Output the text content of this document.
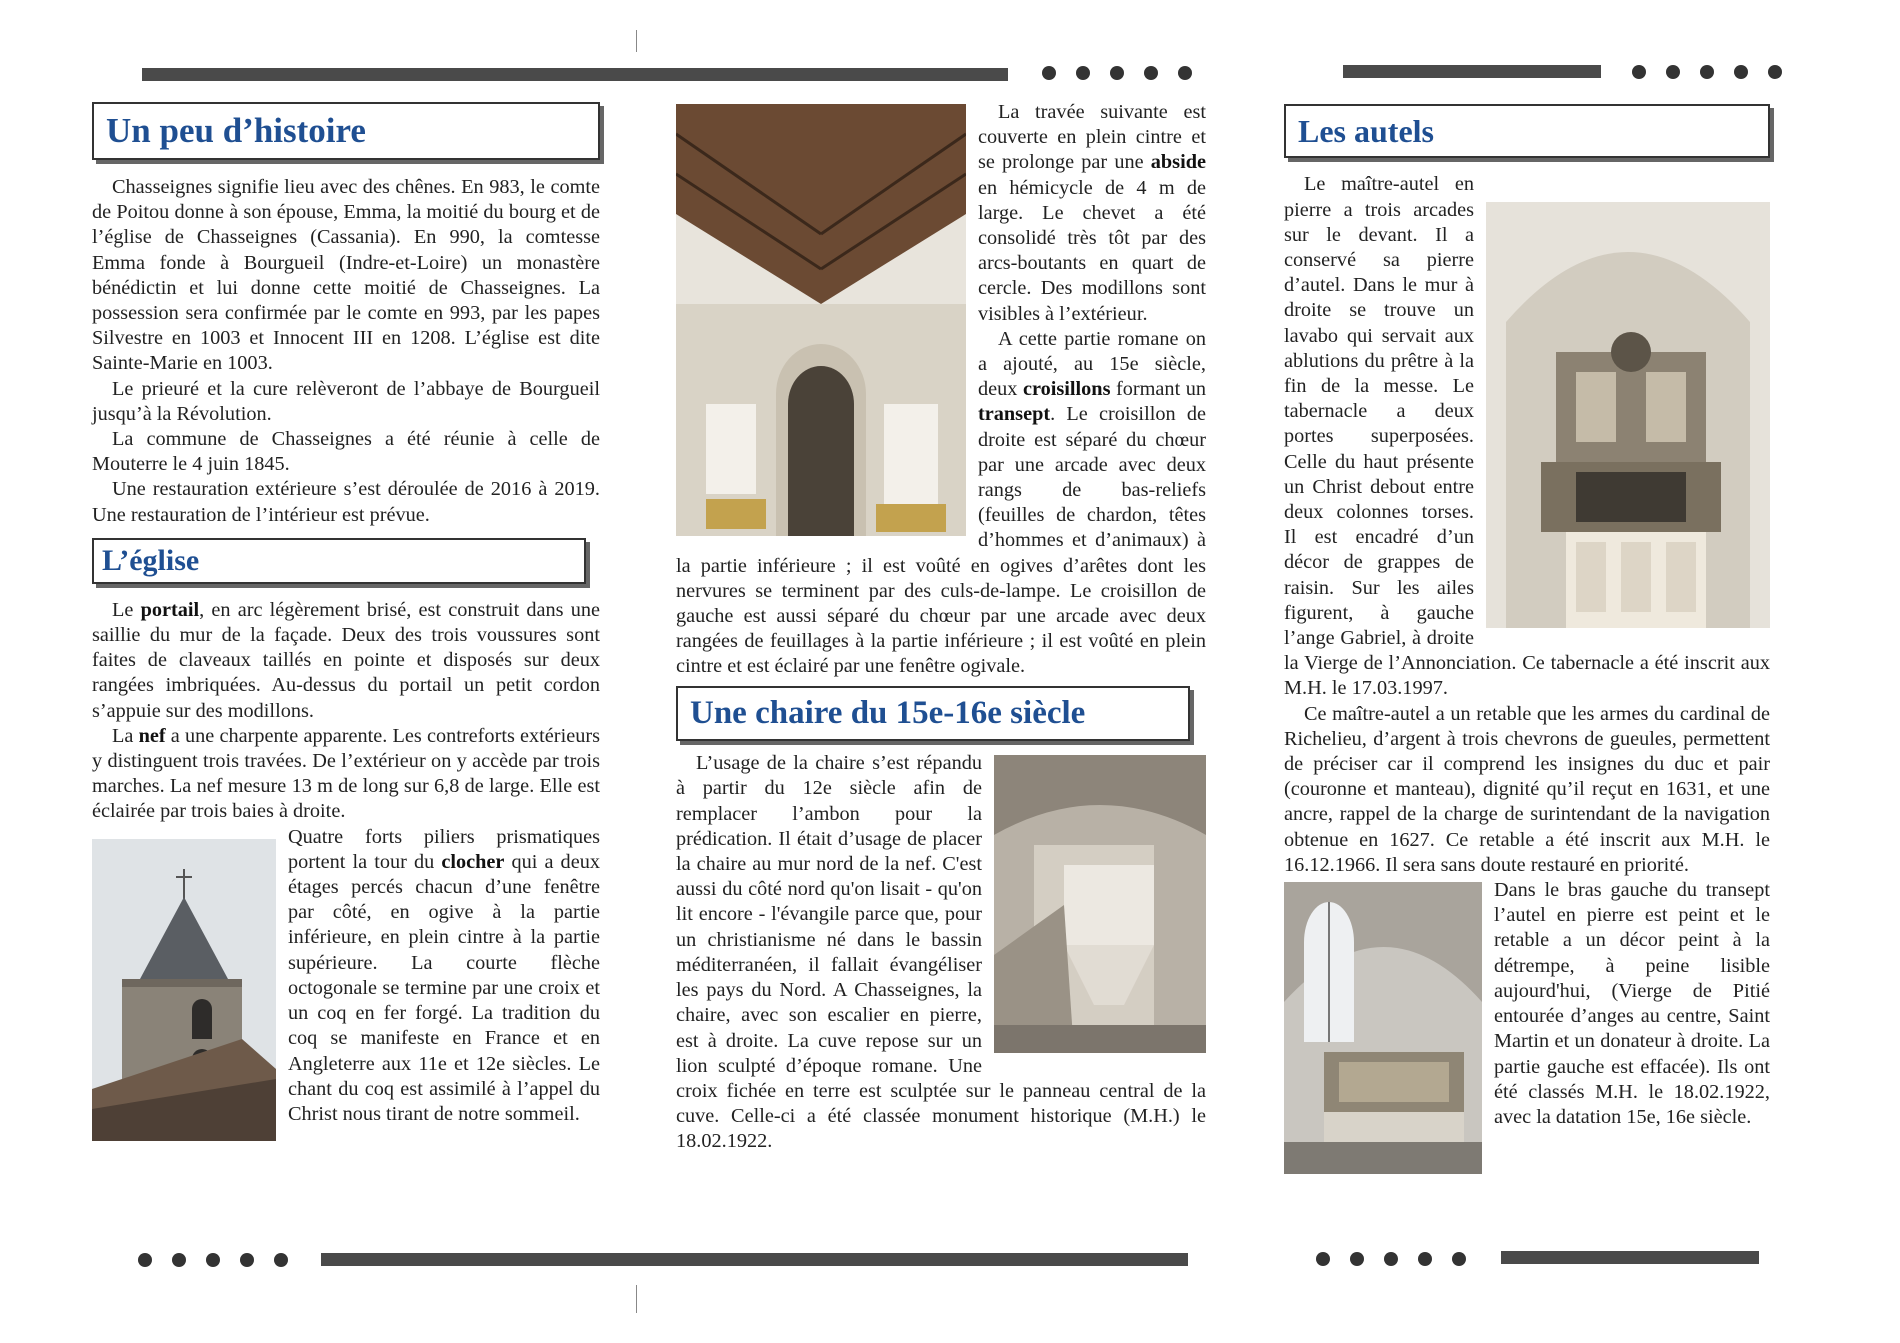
Un peu d’histoire

Chasseignes signifie lieu avec des chênes. En 983, le comte de Poitou donne à son épouse, Emma, la moitié du bourg et de l’église de Chasseignes (Cassania). En 990, la comtesse Emma fonde à Bourgueil (Indre-et-Loire) un monastère bénédictin et lui donne cette moitié de Chasseignes. La possession sera confirmée par le comte en 993, par les papes Silvestre en 1003 et Innocent III en 1208. L’église est dite Sainte-Marie en 1003.

Le prieuré et la cure relèveront de l’abbaye de Bourgueil jusqu’à la Révolution.

La commune de Chasseignes a été réunie à celle de Mouterre le 4 juin 1845.

Une restauration extérieure s’est déroulée de 2016 à 2019. Une restauration de l’intérieur est prévue.

L’église

Le portail, en arc légèrement brisé, est construit dans une saillie du mur de la façade. Deux des trois voussures sont faites de claveaux taillés en pointe et disposés sur deux rangées imbriquées. Au-dessus du portail un petit cordon s’appuie sur des modillons.

La nef a une charpente apparente. Les contreforts extérieurs y distinguent trois travées. De l’extérieur on y accède par trois marches. La nef mesure 13 m de long sur 6,8 de large. Elle est éclairée par trois baies à droite.

Quatre forts piliers prismatiques portent la tour du clocher qui a deux étages percés chacun d’une fenêtre par côté, en ogive à la partie inférieure, en plein cintre à la partie supérieure. La courte flèche octogonale se termine par une croix et un coq en fer forgé. La tradition du coq se manifeste en France et en Angleterre aux 11e et 12e siècles. Le chant du coq est assimilé à l’appel du Christ nous tirant de notre sommeil.

La travée suivante est couverte en plein cintre et se prolonge par une abside en hémicycle de 4 m de large. Le chevet a été consolidé très tôt par des arcs-boutants en quart de cercle. Des modillons sont visibles à l’extérieur.

A cette partie romane on a ajouté, au 15e siècle, deux croisillons formant un transept. Le croisillon de droite est séparé du chœur par une arcade avec deux rangs de bas-reliefs (feuilles de chardon, têtes d’hommes et d’animaux) à la partie inférieure ; il est voûté en ogives d’arêtes dont les nervures se terminent par des culs-de-lampe. Le croisillon de gauche est aussi séparé du chœur par une arcade avec deux rangées de feuillages à la partie inférieure ; il est voûté en plein cintre et est éclairé par une fenêtre ogivale.

Une chaire du 15e-16e siècle

L’usage de la chaire s’est répandu à partir du 12e siècle afin de remplacer l’ambon pour la prédication. Il était d’usage de placer la chaire au mur nord de la nef. C'est aussi du côté nord qu'on lisait - qu'on lit encore - l'évangile parce que, pour un christianisme né dans le bassin méditerranéen, il fallait évangéliser les pays du Nord. A Chasseignes, la chaire, avec son escalier en pierre, est à droite. La cuve repose sur un lion sculpté d’époque romane. Une croix fichée en terre est sculptée sur le panneau central de la cuve. Celle-ci a été classée monument historique (M.H.) le 18.02.1922.

Les autels

Le maître-autel en pierre a trois arcades sur le devant. Il a conservé sa pierre d’autel. Dans le mur à droite se trouve un lavabo qui servait aux ablutions du prêtre à la fin de la messe. Le tabernacle a deux portes superposées. Celle du haut présente un Christ debout entre deux colonnes torses. Il est encadré d’un décor de grappes de raisin. Sur les ailes figurent, à gauche l’ange Gabriel, à droite la Vierge de l’Annonciation. Ce tabernacle a été inscrit aux M.H. le 17.03.1997.

Ce maître-autel a un retable que les armes du cardinal de Richelieu, d’argent à trois chevrons de gueules, permettent de préciser car il comprend les insignes du duc et pair (couronne et manteau), dignité qu’il reçut en 1631, et une ancre, rappel de la charge de surintendant de la navigation obtenue en 1627. Ce retable a été inscrit aux M.H. le 16.12.1966. Il sera sans doute restauré en priorité.

Dans le bras gauche du transept l’autel en pierre est peint et le retable a un décor peint à la détrempe, à peine lisible aujourd'hui, (Vierge de Pitié entourée d’anges au centre, Saint Martin et un donateur à droite. La partie gauche est effacée). Ils ont été classés M.H. le 18.02.1922, avec la datation 15e, 16e siècle.
